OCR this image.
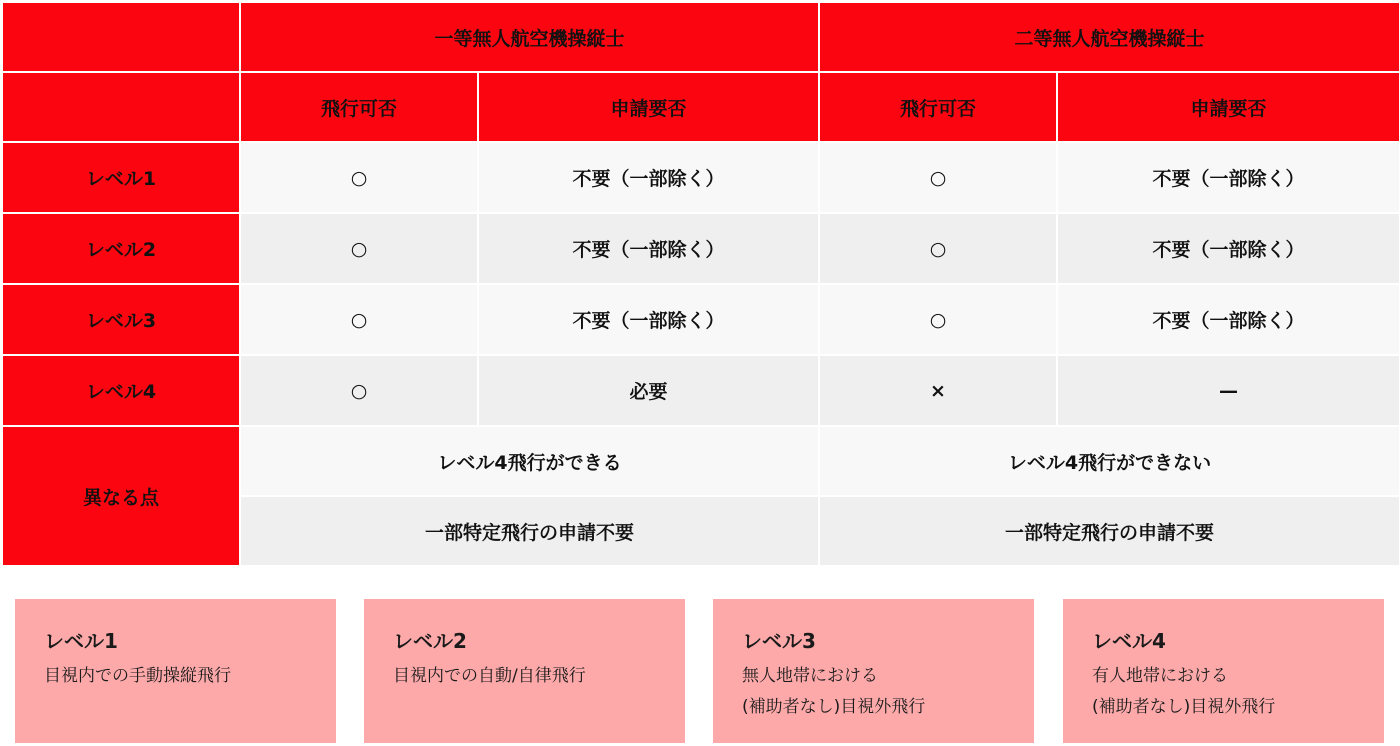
	一等無人航空機操縦士		二等無人航空機操縦士	
	飛行可否	申請要否	飛行可否	申請要否
レベル1	○	不要（一部除く）	○	不要（一部除く）
レベル2	○	不要（一部除く）	○	不要（一部除く）
レベル3	○	不要（一部除く）	○	不要（一部除く）
レベル4	○	必要	×	—
異なる点	レベル4飛行ができる		レベル4飛行ができない	
	一部特定飛行の申請不要		一部特定飛行の申請不要	
レベル1
目視内での手動操縦飛行
レベル2
目視内での自動/自律飛行
レベル3
無人地帯における
(補助者なし)目視外飛行
レベル4
有人地帯における
(補助者なし)目視外飛行
